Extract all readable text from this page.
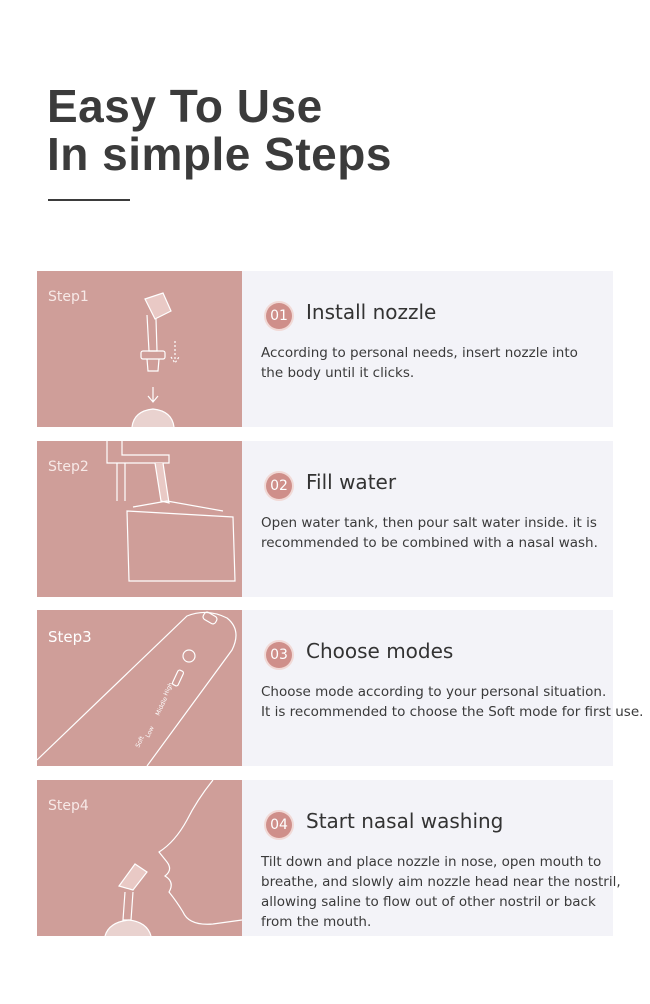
Easy To Use
In simple Steps
Step1
01 Install nozzle
According to personal needs, insert nozzle into
the body until it clicks.
Step2
02 Fill water
Open water tank, then pour salt water inside. it is
recommended to be combined with a nasal wash.
High
Middle
Low
Soft
Step3
03 Choose modes
Choose mode according to your personal situation.
It is recommended to choose the Soft mode for first use.
Step4
04 Start nasal washing
Tilt down and place nozzle in nose, open mouth to
breathe, and slowly aim nozzle head near the nostril,
allowing saline to flow out of other nostril or back
from the mouth.
